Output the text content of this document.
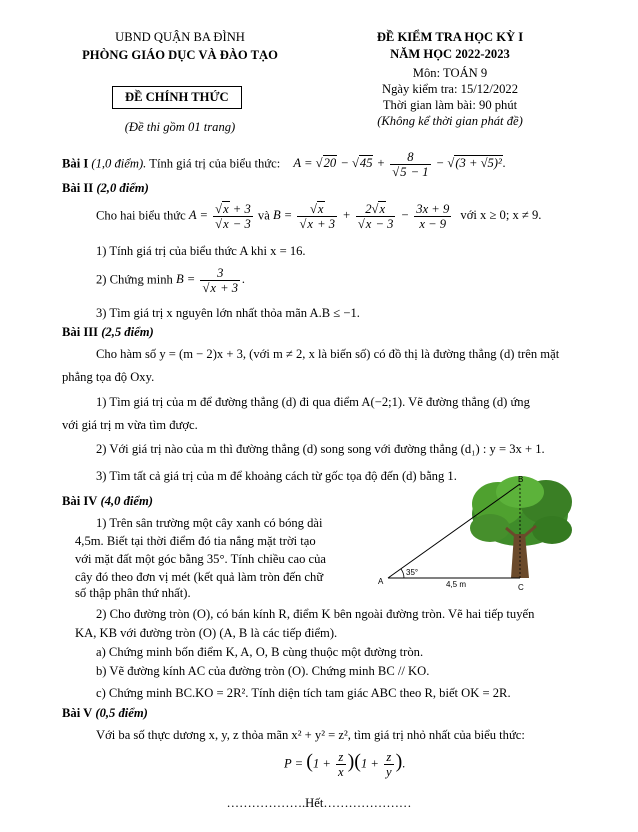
UBND QUẬN BA ĐÌNH
PHÒNG GIÁO DỤC VÀ ĐÀO TẠO
ĐỀ CHÍNH THỨC
(Đề thi gồm 01 trang)
ĐỀ KIỂM TRA HỌC KỲ I
NĂM HỌC 2022-2023
Môn: TOÁN 9
Ngày kiểm tra: 15/12/2022
Thời gian làm bài: 90 phút
(Không kể thời gian phát đề)
Bài I (1,0 điểm). Tính giá trị của biểu thức: $A = √20 - √45 + \frac{8}{√5 - 1} - √(3 + √5)^2$.
Bài II (2,0 điểm)
Cho hai biểu thức $A = \frac{√x + 3}{√x - 3}$ và $B = \frac{√x}{√x + 3} + \frac{2√x}{√x - 3} - \frac{3x + 9}{x - 9}$ với x ≥ 0; x ≠ 9.
1) Tính giá trị của biểu thức A khi x = 16.
2) Chứng minh $B = \frac{3}{√x + 3}$ .
3) Tìm giá trị x nguyên lớn nhất thỏa mãn A.B ≤ −1.
Bài III (2,5 điểm)
Cho hàm số y = (m − 2)x + 3, (với m ≠ 2, x là biến số) có đồ thị là đường thẳng (d) trên mặt
phẳng tọa độ Oxy.
1) Tìm giá trị của m để đường thẳng (d) đi qua điểm A(−2;1). Vẽ đường thẳng (d) ứng
với giá trị m vừa tìm được.
2) Với giá trị nào của m thì đường thẳng (d) song song với đường thẳng (d₁) : y = 3x + 1.
3) Tìm tất cả giá trị của m để khoảng cách từ gốc tọa độ đến (d) bằng 1.
Bài IV (4,0 điểm)
1) Trên sân trường một cây xanh có bóng dài
4,5m. Biết tại thời điểm đó tia nắng mặt trời tạo
với mặt đất một góc bằng 35°. Tính chiều cao của
cây đó theo đơn vị mét (kết quả làm tròn đến chữ
số thập phân thứ nhất).
35°
A
B
C
4,5 m
2) Cho đường tròn (O), có bán kính R, điểm K bên ngoài đường tròn. Vẽ hai tiếp tuyến
KA, KB với đường tròn (O) (A, B là các tiếp điểm).
a) Chứng minh bốn điểm K, A, O, B cùng thuộc một đường tròn.
b) Vẽ đường kính AC của đường tròn (O). Chứng minh BC // KO.
c) Chứng minh BC.KO = 2R². Tính diện tích tam giác ABC theo R, biết OK = 2R.
Bài V (0,5 điểm)
Với ba số thực dương x, y, z thỏa mãn x² + y² = z², tìm giá trị nhỏ nhất của biểu thức:
$P = (1 + \frac{z}{x} )(1 + \frac{z}{y}$ ).
……………….Hết…………………
